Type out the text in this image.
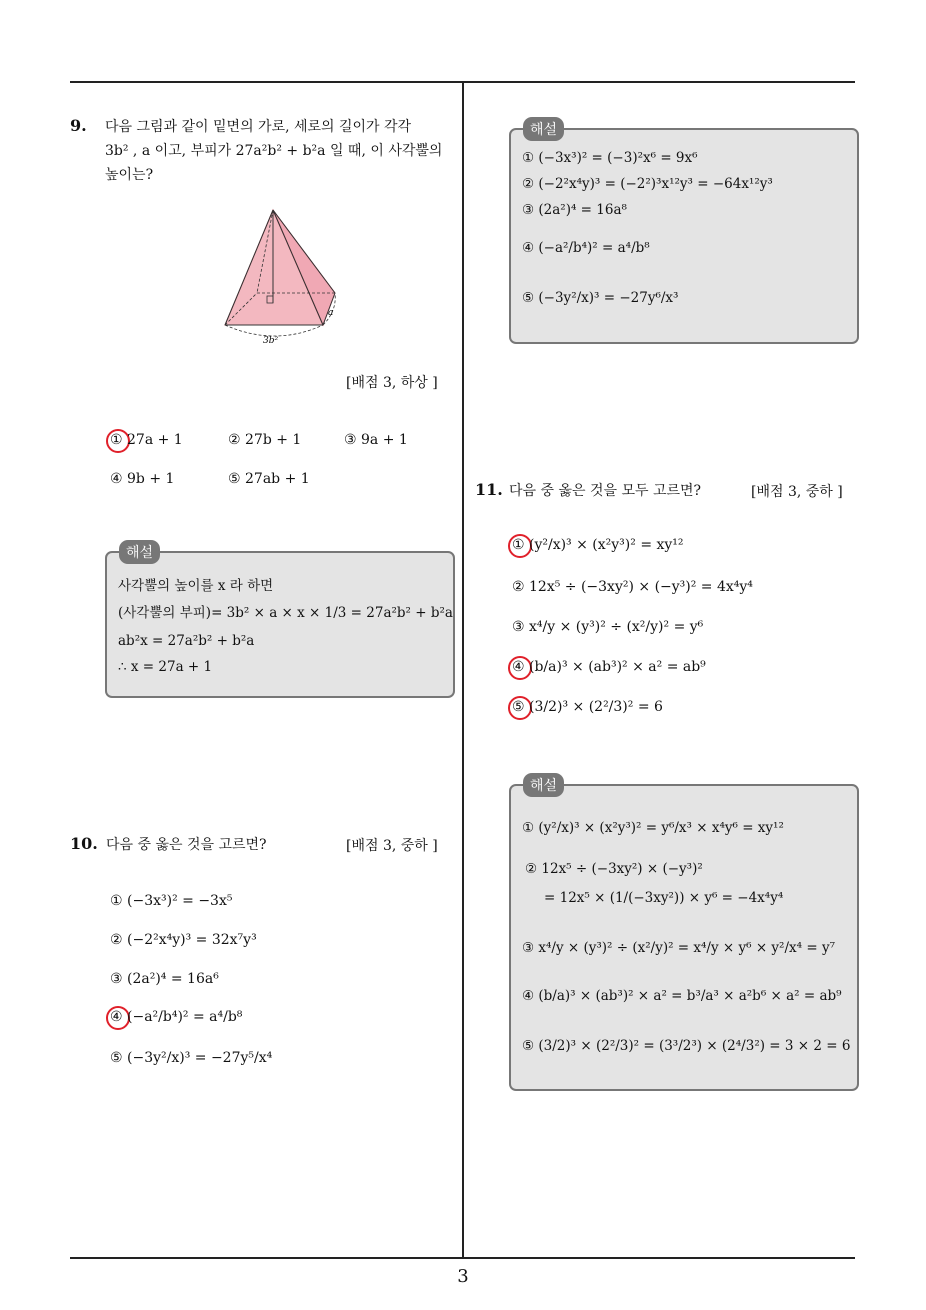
3
9. 다음 그림과 같이 밑면의 가로, 세로의 길이가 각각
3b² , a 이고, 부피가 27a²b² + b²a 일 때, 이 사각뿔의
높이는?
3b²
a
[배점 3, 하상 ]
① 27a + 1	② 27b + 1	③ 9a + 1
④ 9b + 1	⑤ 27ab + 1
해설
사각뿔의 높이를 x 라 하면
(사각뿔의 부피)= 3b² × a × x × 1/3 = 27a²b² + b²a
ab²x = 27a²b² + b²a
∴ x = 27a + 1
10. 다음 중 옳은 것을 고르면?	[배점 3, 중하 ]
① (−3x³)² = −3x⁵
② (−2²x⁴y)³ = 32x⁷y³
③ (2a²)⁴ = 16a⁶
④ (−a²/b⁴)² = a⁴/b⁸
⑤ (−3y²/x)³ = −27y⁵/x⁴
해설
① (−3x³)² = (−3)²x⁶ = 9x⁶
② (−2²x⁴y)³ = (−2²)³x¹²y³ = −64x¹²y³
③ (2a²)⁴ = 16a⁸
④ (−a²/b⁴)² = a⁴/b⁸
⑤ (−3y²/x)³ = −27y⁶/x³
11. 다음 중 옳은 것을 모두 고르면?	[배점 3, 중하 ]
① (y²/x)³ × (x²y³)² = xy¹²
② 12x⁵ ÷ (−3xy²) × (−y³)² = 4x⁴y⁴
③ x⁴/y × (y³)² ÷ (x²/y)² = y⁶
④ (b/a)³ × (ab³)² × a² = ab⁹
⑤ (3/2)³ × (2²/3)² = 6
해설
① (y²/x)³ × (x²y³)² = y⁶/x³ × x⁴y⁶ = xy¹²
② 12x⁵ ÷ (−3xy²) × (−y³)²
= 12x⁵ × (1/(−3xy²)) × y⁶ = −4x⁴y⁴
③ x⁴/y × (y³)² ÷ (x²/y)² = x⁴/y × y⁶ × y²/x⁴ = y⁷
④ (b/a)³ × (ab³)² × a² = b³/a³ × a²b⁶ × a² = ab⁹
⑤ (3/2)³ × (2²/3)² = (3³/2³) × (2⁴/3²) = 3 × 2 = 6
